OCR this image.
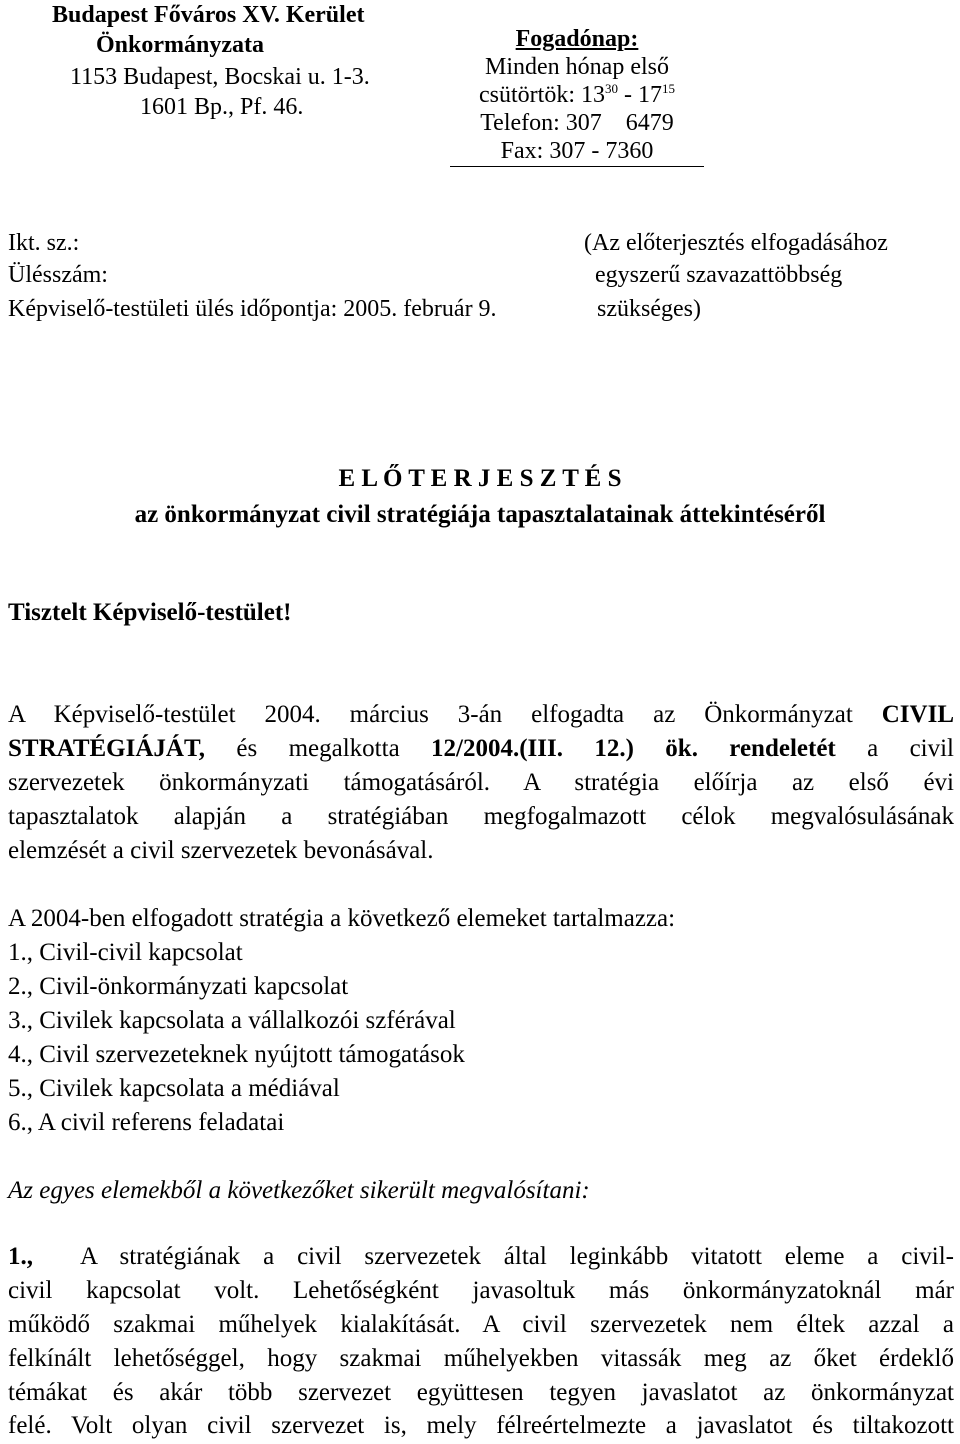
Budapest Főváros XV. Kerület
Önkormányzata
1153 Budapest, Bocskai u. 1-3.
1601 Bp., Pf. 46.
Fogadónap:
Minden hónap első
csütörtök: $13^{30} - 17^{15}$
Telefon: 307    6479
Fax: 307 - 7360
Ikt. sz.:
Ülésszám:
Képviselő-testületi ülés időpontja: 2005. február 9.
(Az előterjesztés elfogadásához
egyszerű szavazattöbbség
szükséges)
E L Ő T E R J E S Z T É S
az önkormányzat civil stratégiája tapasztalatainak áttekintéséről
Tisztelt Képviselő-testület!
A Képviselő-testület 2004. március 3-án elfogadta az Önkormányzat CIVIL
STRATÉGIÁJÁT, és megalkotta 12/2004.(III. 12.) ök. rendeletét a civil
szervezetek önkormányzati támogatásáról. A stratégia előírja az első évi
tapasztalatok alapján a stratégiában megfogalmazott célok megvalósulásának
elemzését a civil szervezetek bevonásával.
A 2004-ben elfogadott stratégia a következő elemeket tartalmazza:
1., Civil-civil kapcsolat
2., Civil-önkormányzati kapcsolat
3., Civilek kapcsolata a vállalkozói szférával
4., Civil szervezeteknek nyújtott támogatások
5., Civilek kapcsolata a médiával
6., A civil referens feladatai
Az egyes elemekből a következőket sikerült megvalósítani:
1., A stratégiának a civil szervezetek által leginkább vitatott eleme a civil-
civil kapcsolat volt. Lehetőségként javasoltuk más önkormányzatoknál már
működő szakmai műhelyek kialakítását. A civil szervezetek nem éltek azzal a
felkínált lehetőséggel, hogy szakmai műhelyekben vitassák meg az őket érdeklő
témákat és akár több szervezet együttesen tegyen javaslatot az önkormányzat
felé. Volt olyan civil szervezet is, mely félreértelmezte a javaslatot és tiltakozott
